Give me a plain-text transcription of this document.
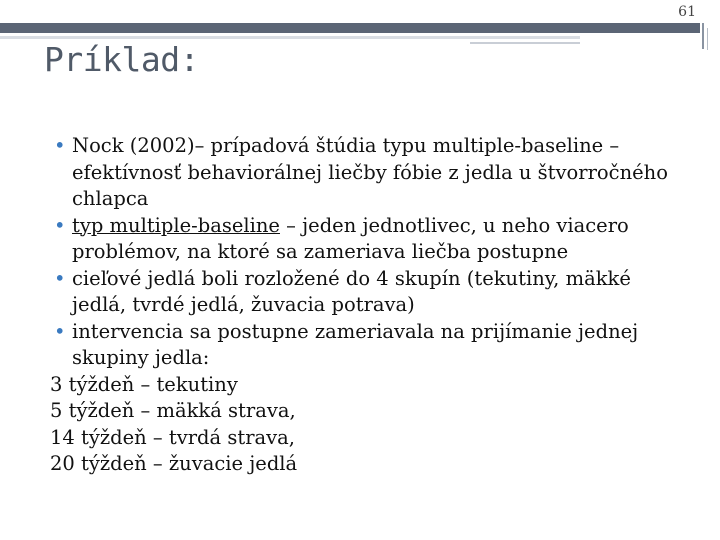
61
Príklad:
• Nock (2002)– prípadová štúdia typu multiple-baseline – efektívnosť behaviorálnej liečby fóbie z jedla u štvorročného chlapca
• typ multiple-baseline – jeden jednotlivec, u neho viacero problémov, na ktoré sa zameriava liečba postupne
• cieľové jedlá boli rozložené do 4 skupín (tekutiny, mäkké jedlá, tvrdé jedlá, žuvacia potrava)
• intervencia sa postupne zameriavala na prijímanie jednej skupiny jedla:
3 týždeň – tekutiny
5 týždeň – mäkká strava,
14 týždeň – tvrdá strava,
20 týždeň – žuvacie jedlá
